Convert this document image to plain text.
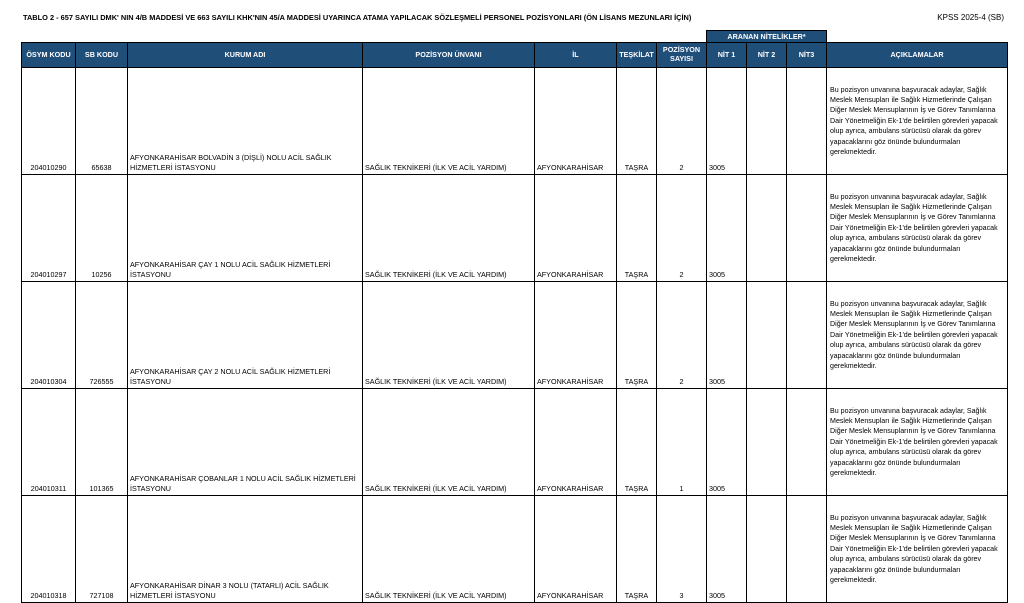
TABLO 2 - 657 SAYILI DMK' NIN 4/B MADDESİ VE 663 SAYILI KHK'NIN 45/A MADDESİ UYARINCA ATAMA YAPILACAK SÖZLEŞMELİ PERSONEL POZİSYONLARI (ÖN LİSANS MEZUNLARI İÇİN)	KPSS 2025-4 (SB)
							ARANAN NİTELİKLER*			
ÖSYM KODU	SB KODU	KURUM ADI	POZİSYON ÜNVANI	İL	TEŞKİLAT	POZİSYON SAYISI	NİT 1	NİT 2	NİT3	AÇIKLAMALAR
204010290	65638	AFYONKARAHİSAR BOLVADİN 3 (DİŞLİ) NOLU ACİL SAĞLIK HİZMETLERİ İSTASYONU	SAĞLIK TEKNİKERİ (İLK VE ACİL YARDIM)	AFYONKARAHİSAR	TAŞRA	2	3005			Bu pozisyon unvanına başvuracak adaylar, Sağlık Meslek Mensupları ile Sağlık Hizmetlerinde Çalışan Diğer Meslek Mensuplarının İş ve Görev Tanımlarına Dair Yönetmeliğin Ek-1'de belirtilen görevleri yapacak olup ayrıca, ambulans sürücüsü olarak da görev yapacaklarını göz önünde bulundurmaları gerekmektedir.
204010297	10256	AFYONKARAHİSAR ÇAY 1 NOLU ACİL SAĞLIK HİZMETLERİ İSTASYONU	SAĞLIK TEKNİKERİ (İLK VE ACİL YARDIM)	AFYONKARAHİSAR	TAŞRA	2	3005			Bu pozisyon unvanına başvuracak adaylar, Sağlık Meslek Mensupları ile Sağlık Hizmetlerinde Çalışan Diğer Meslek Mensuplarının İş ve Görev Tanımlarına Dair Yönetmeliğin Ek-1'de belirtilen görevleri yapacak olup ayrıca, ambulans sürücüsü olarak da görev yapacaklarını göz önünde bulundurmaları gerekmektedir.
204010304	726555	AFYONKARAHİSAR ÇAY 2 NOLU ACİL SAĞLIK HİZMETLERİ İSTASYONU	SAĞLIK TEKNİKERİ (İLK VE ACİL YARDIM)	AFYONKARAHİSAR	TAŞRA	2	3005			Bu pozisyon unvanına başvuracak adaylar, Sağlık Meslek Mensupları ile Sağlık Hizmetlerinde Çalışan Diğer Meslek Mensuplarının İş ve Görev Tanımlarına Dair Yönetmeliğin Ek-1'de belirtilen görevleri yapacak olup ayrıca, ambulans sürücüsü olarak da görev yapacaklarını göz önünde bulundurmaları gerekmektedir.
204010311	101365	AFYONKARAHİSAR ÇOBANLAR 1 NOLU ACİL SAĞLIK HİZMETLERİ İSTASYONU	SAĞLIK TEKNİKERİ (İLK VE ACİL YARDIM)	AFYONKARAHİSAR	TAŞRA	1	3005			Bu pozisyon unvanına başvuracak adaylar, Sağlık Meslek Mensupları ile Sağlık Hizmetlerinde Çalışan Diğer Meslek Mensuplarının İş ve Görev Tanımlarına Dair Yönetmeliğin Ek-1'de belirtilen görevleri yapacak olup ayrıca, ambulans sürücüsü olarak da görev yapacaklarını göz önünde bulundurmaları gerekmektedir.
204010318	727108	AFYONKARAHİSAR DİNAR 3 NOLU (TATARLI) ACİL SAĞLIK HİZMETLERİ İSTASYONU	SAĞLIK TEKNİKERİ (İLK VE ACİL YARDIM)	AFYONKARAHİSAR	TAŞRA	3	3005			Bu pozisyon unvanına başvuracak adaylar, Sağlık Meslek Mensupları ile Sağlık Hizmetlerinde Çalışan Diğer Meslek Mensuplarının İş ve Görev Tanımlarına Dair Yönetmeliğin Ek-1'de belirtilen görevleri yapacak olup ayrıca, ambulans sürücüsü olarak da görev yapacaklarını göz önünde bulundurmaları gerekmektedir.
